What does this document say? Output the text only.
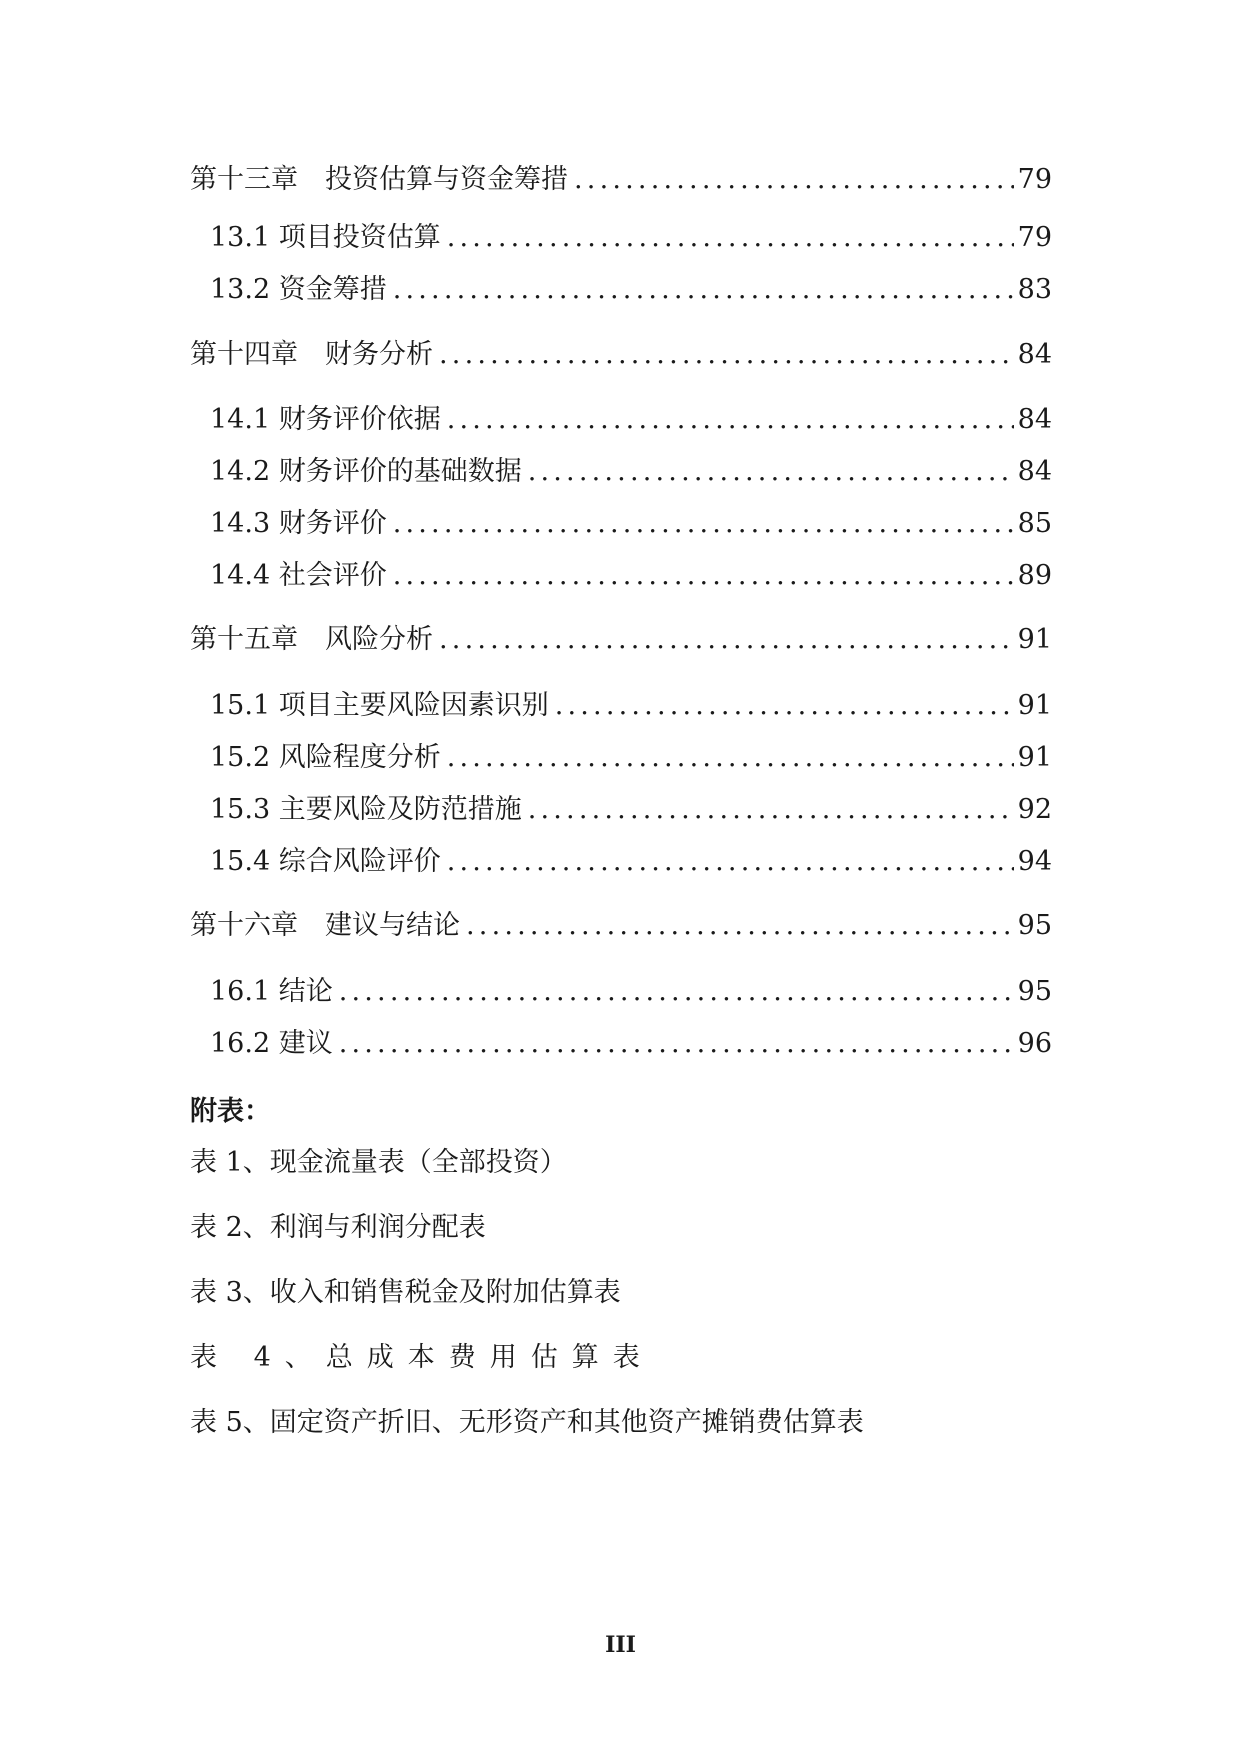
第十三章　投资估算与资金筹措 .....	79
13.1 项目投资估算 .....	79
13.2 资金筹措 .....	83
第十四章　财务分析 .....	84
14.1 财务评价依据 .....	84
14.2 财务评价的基础数据 .....	84
14.3 财务评价 .....	85
14.4 社会评价 .....	89
第十五章　风险分析 .....	91
15.1 项目主要风险因素识别 .....	91
15.2 风险程度分析 .....	91
15.3 主要风险及防范措施 .....	92
15.4 综合风险评价 .....	94
第十六章　建议与结论 .....	95
16.1 结论 .....	95
16.2 建议 .....	96
附表：
表 1、现金流量表（全部投资）
表 2、利润与利润分配表
表 3、收入和销售税金及附加估算表
表 4、总成本费用估算表
表 5、固定资产折旧、无形资产和其他资产摊销费估算表
III
